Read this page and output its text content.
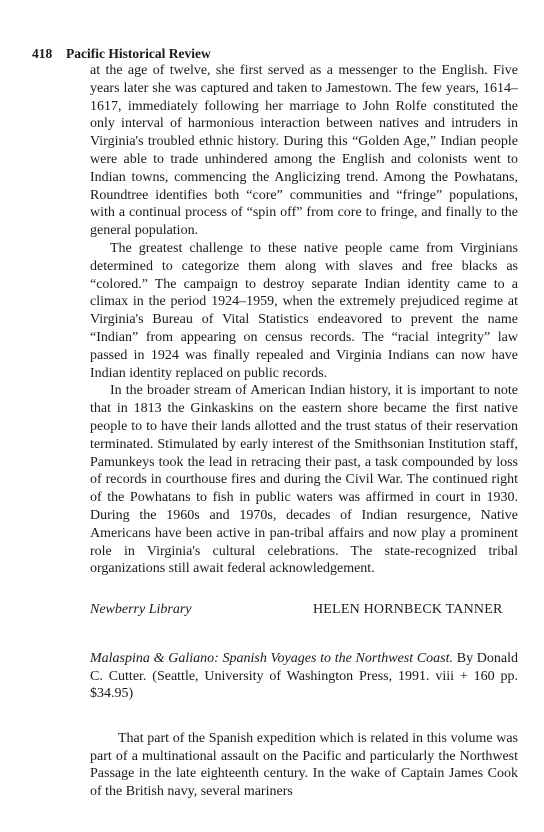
418 Pacific Historical Review

at the age of twelve, she first served as a messenger to the English. Five years later she was captured and taken to Jamestown. The few years, 1614–1617, immediately following her marriage to John Rolfe constituted the only interval of harmonious interaction between natives and intruders in Virginia's troubled ethnic history. During this “Golden Age,” Indian people were able to trade unhindered among the English and colonists went to Indian towns, commencing the Anglicizing trend. Among the Powhatans, Roundtree identifies both “core” communities and “fringe” populations, with a continual process of “spin off” from core to fringe, and finally to the general population.

The greatest challenge to these native people came from Virginians determined to categorize them along with slaves and free blacks as “colored.” The campaign to destroy separate Indian identity came to a climax in the period 1924–1959, when the extremely prejudiced regime at Virginia's Bureau of Vital Statistics endeavored to prevent the name “Indian” from appearing on census records. The “racial integrity” law passed in 1924 was finally repealed and Virginia Indians can now have Indian identity replaced on public records.

In the broader stream of American Indian history, it is important to note that in 1813 the Ginkaskins on the eastern shore became the first native people to to have their lands allotted and the trust status of their reservation terminated. Stimulated by early interest of the Smithsonian Institution staff, Pamunkeys took the lead in retracing their past, a task compounded by loss of records in courthouse fires and during the Civil War. The continued right of the Powhatans to fish in public waters was affirmed in court in 1930. During the 1960s and 1970s, decades of Indian resurgence, Native Americans have been active in pan-tribal affairs and now play a prominent role in Virginia's cultural celebrations. The state-recognized tribal organizations still await federal acknowledgement.

Newberry Library	HELEN HORNBECK TANNER

Malaspina & Galiano: Spanish Voyages to the Northwest Coast. By Donald C. Cutter. (Seattle, University of Washington Press, 1991. viii + 160 pp. $34.95)

That part of the Spanish expedition which is related in this volume was part of a multinational assault on the Pacific and particularly the Northwest Passage in the late eighteenth century. In the wake of Captain James Cook of the British navy, several mariners
